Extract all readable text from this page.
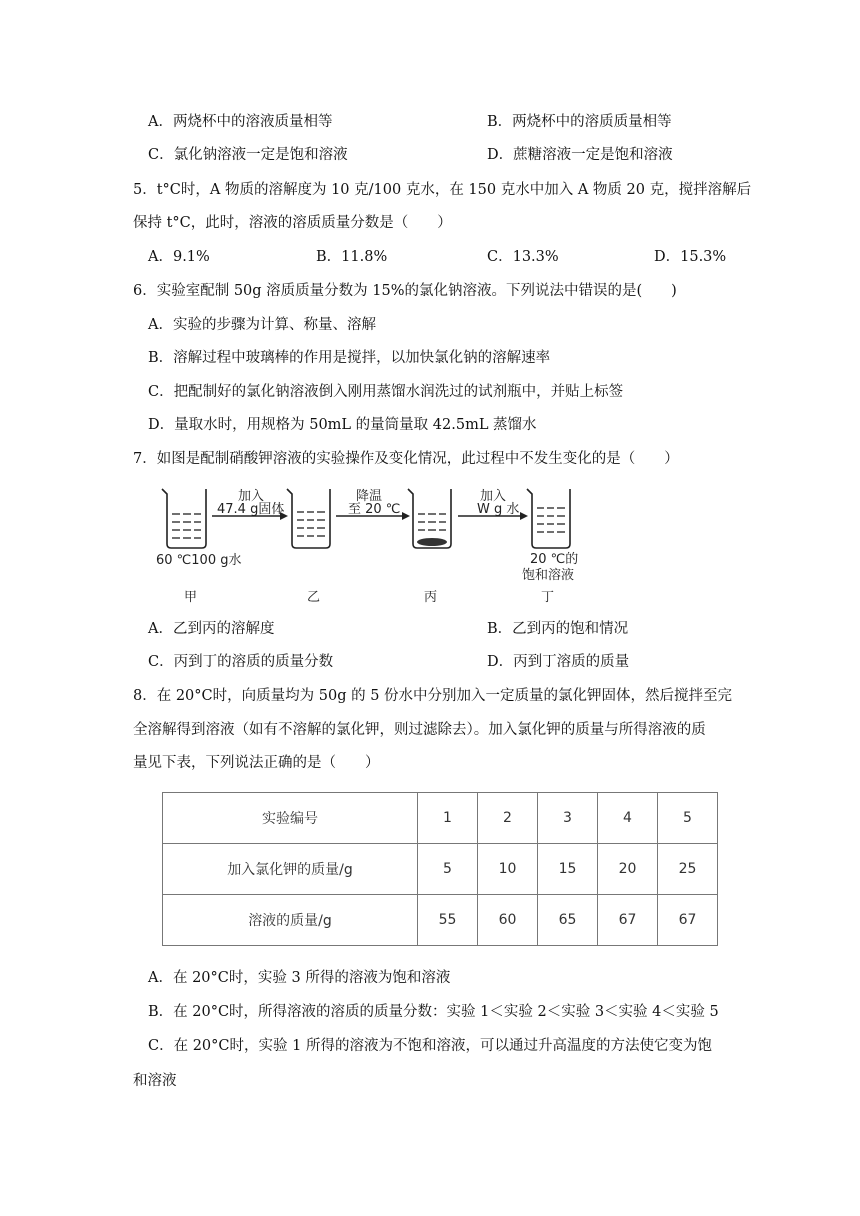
A．两烧杯中的溶液质量相等	B．两烧杯中的溶质质量相等
C．氯化钠溶液一定是饱和溶液	D．蔗糖溶液一定是饱和溶液
5．t°C时，A 物质的溶解度为 10 克/100 克水，在 150 克水中加入 A 物质 20 克，搅拌溶解后
保持 t°C，此时，溶液的溶质质量分数是（　　）
A．9.1%	B．11.8%	C．13.3%	D．15.3%
6．实验室配制 50g 溶质质量分数为 15%的氯化钠溶液。下列说法中错误的是(　　)
A．实验的步骤为计算、称量、溶解
B．溶解过程中玻璃棒的作用是搅拌，以加快氯化钠的溶解速率
C．把配制好的氯化钠溶液倒入刚用蒸馏水润洗过的试剂瓶中，并贴上标签
D．量取水时，用规格为 50mL 的量筒量取 42.5mL 蒸馏水
7．如图是配制硝酸钾溶液的实验操作及变化情况，此过程中不发生变化的是（　　）
加入
47.4 g固体
降温
至 20 ℃
加入
W g 水
60 ℃100 g水	20 ℃的
饱和溶液
甲	乙	丙	丁
A．乙到丙的溶解度	B．乙到丙的饱和情况
C．丙到丁的溶质的质量分数	D．丙到丁溶质的质量
8．在 20°C时，向质量均为 50g 的 5 份水中分别加入一定质量的氯化钾固体，然后搅拌至完
全溶解得到溶液（如有不溶解的氯化钾，则过滤除去）。加入氯化钾的质量与所得溶液的质
量见下表，下列说法正确的是（　　）
实验编号	1	2	3	4	5
加入氯化钾的质量/g	5	10	15	20	25
溶液的质量/g	55	60	65	67	67
A．在 20°C时，实验 3 所得的溶液为饱和溶液
B．在 20°C时，所得溶液的溶质的质量分数：实验 1＜实验 2＜实验 3＜实验 4＜实验 5
C．在 20°C时，实验 1 所得的溶液为不饱和溶液，可以通过升高温度的方法使它变为饱
和溶液
